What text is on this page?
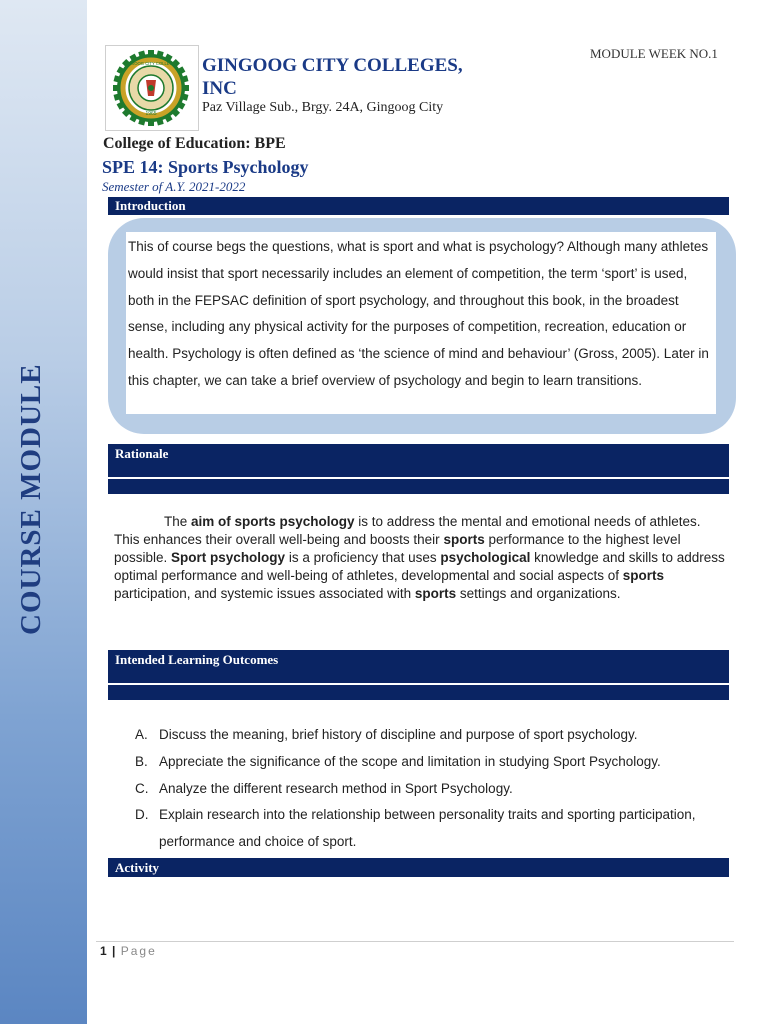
COURSE MODULE
GINGOOG CITY COLLEGES
1965
GINGOOG CITY COLLEGES, INC
Paz Village Sub., Brgy. 24A, Gingoog City
MODULE WEEK NO.1
College of Education: BPE
SPE 14: Sports Psychology
Semester of A.Y. 2021-2022
Introduction
This of course begs the questions, what is sport and what is psychology? Although many athletes would insist that sport necessarily includes an element of competition, the term ‘sport’ is used, both in the FEPSAC definition of sport psychology, and throughout this book, in the broadest sense, including any physical activity for the purposes of competition, recreation, education or health. Psychology is often defined as ‘the science of mind and behaviour’ (Gross, 2005). Later in this chapter, we can take a brief overview of psychology and begin to learn transitions.
Rationale
The aim of sports psychology is to address the mental and emotional needs of athletes. This enhances their overall well-being and boosts their sports performance to the highest level possible. Sport psychology is a proficiency that uses psychological knowledge and skills to address optimal performance and well-being of athletes, developmental and social aspects of sports participation, and systemic issues associated with sports settings and organizations.
Intended Learning Outcomes
A. Discuss the meaning, brief history of discipline and purpose of sport psychology.
B. Appreciate the significance of the scope and limitation in studying Sport Psychology.
C. Analyze the different research method in Sport Psychology.
D. Explain research into the relationship between personality traits and sporting participation, performance and choice of sport.
Activity
1 | Page
